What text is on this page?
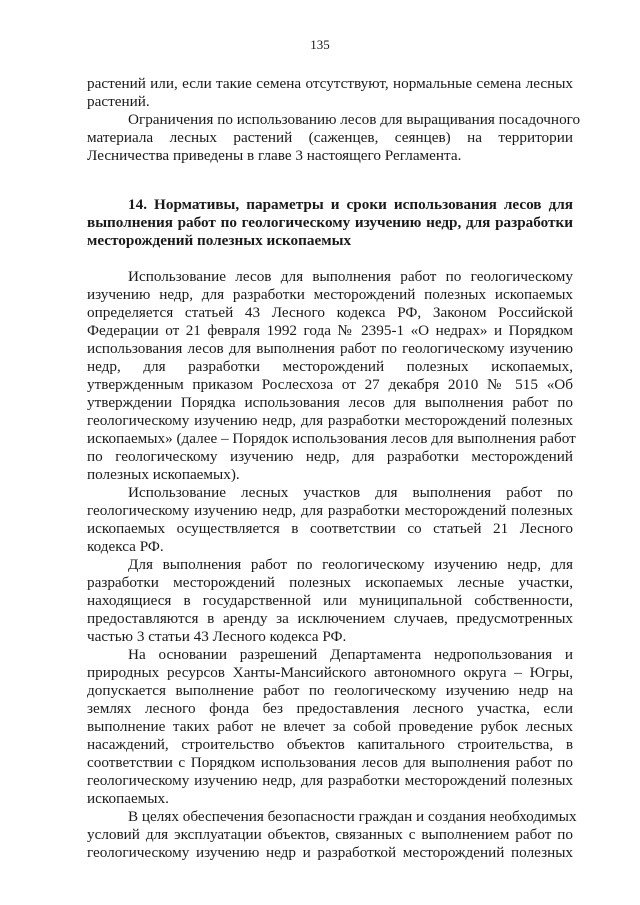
135
растений или, если такие семена отсутствуют, нормальные семена лесных
растений.
Ограничения по использованию лесов для выращивания посадочного
материала лесных растений (саженцев, сеянцев) на территории
Лесничества приведены в главе 3 настоящего Регламента.
14. Нормативы, параметры и сроки использования лесов для
выполнения работ по геологическому изучению недр, для разработки
месторождений полезных ископаемых
Использование лесов для выполнения работ по геологическому
изучению недр, для разработки месторождений полезных ископаемых
определяется статьей 43 Лесного кодекса РФ, Законом Российской
Федерации от 21 февраля 1992 года № 2395-1 «О недрах» и Порядком
использования лесов для выполнения работ по геологическому изучению
недр, для разработки месторождений полезных ископаемых,
утвержденным приказом Рослесхоза от 27 декабря 2010 № 515 «Об
утверждении Порядка использования лесов для выполнения работ по
геологическому изучению недр, для разработки месторождений полезных
ископаемых» (далее – Порядок использования лесов для выполнения работ
по геологическому изучению недр, для разработки месторождений
полезных ископаемых).
Использование лесных участков для выполнения работ по
геологическому изучению недр, для разработки месторождений полезных
ископаемых осуществляется в соответствии со статьей 21 Лесного
кодекса РФ.
Для выполнения работ по геологическому изучению недр, для
разработки месторождений полезных ископаемых лесные участки,
находящиеся в государственной или муниципальной собственности,
предоставляются в аренду за исключением случаев, предусмотренных
частью 3 статьи 43 Лесного кодекса РФ.
На основании разрешений Департамента недропользования и
природных ресурсов Ханты-Мансийского автономного округа – Югры,
допускается выполнение работ по геологическому изучению недр на
землях лесного фонда без предоставления лесного участка, если
выполнение таких работ не влечет за собой проведение рубок лесных
насаждений, строительство объектов капитального строительства, в
соответствии с Порядком использования лесов для выполнения работ по
геологическому изучению недр, для разработки месторождений полезных
ископаемых.
В целях обеспечения безопасности граждан и создания необходимых
условий для эксплуатации объектов, связанных с выполнением работ по
геологическому изучению недр и разработкой месторождений полезных
